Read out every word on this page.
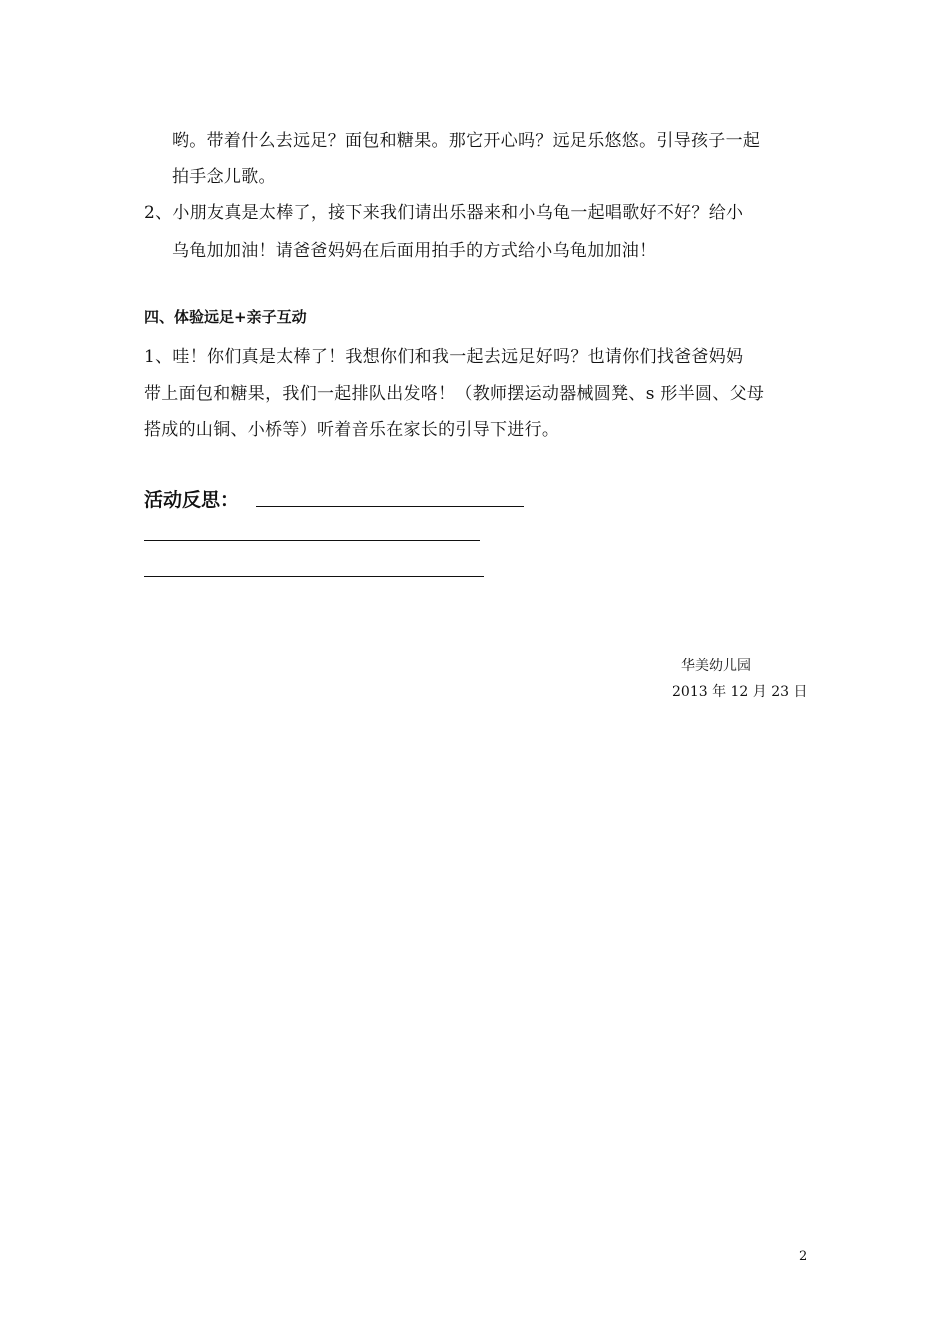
哟。带着什么去远足？面包和糖果。那它开心吗？远足乐悠悠。引导孩子一起
拍手念儿歌。
2、小朋友真是太棒了，接下来我们请出乐器来和小乌龟一起唱歌好不好？给小
乌龟加加油！请爸爸妈妈在后面用拍手的方式给小乌龟加加油！
四、体验远足+亲子互动
1、哇！你们真是太棒了！我想你们和我一起去远足好吗？也请你们找爸爸妈妈
带上面包和糖果，我们一起排队出发咯！（教师摆运动器械圆凳、s 形半圆、父母
搭成的山铜、小桥等）听着音乐在家长的引导下进行。
活动反思：
华美幼儿园
2013 年 12 月 23 日
2
